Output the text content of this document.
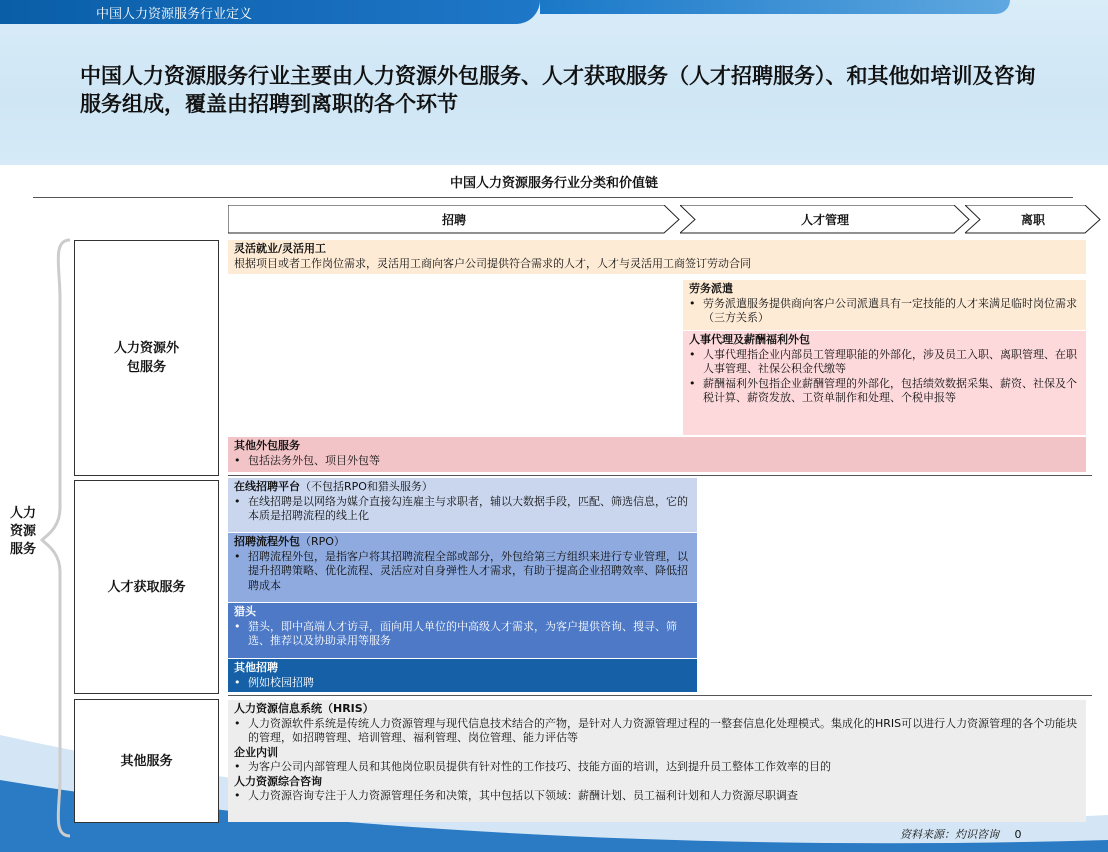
中国人力资源服务行业定义
中国人力资源服务行业主要由人力资源外包服务、人才获取服务（人才招聘服务）、和其他如培训及咨询服务组成，覆盖由招聘到离职的各个环节
中国人力资源服务行业分类和价值链
招聘	人才管理	离职
人力资源服务
人力资源外包服务
人才获取服务
其他服务
灵活就业/灵活用工
根据项目或者工作岗位需求，灵活用工商向客户公司提供符合需求的人才，人才与灵活用工商签订劳动合同
劳务派遣
• 劳务派遣服务提供商向客户公司派遣具有一定技能的人才来满足临时岗位需求（三方关系）
人事代理及薪酬福利外包
• 人事代理指企业内部员工管理职能的外部化，涉及员工入职、离职管理、在职人事管理、社保公积金代缴等
• 薪酬福利外包指企业薪酬管理的外部化，包括绩效数据采集、薪资、社保及个税计算、薪资发放、工资单制作和处理、个税申报等
其他外包服务
• 包括法务外包、项目外包等
在线招聘平台（不包括RPO和猎头服务）
• 在线招聘是以网络为媒介直接勾连雇主与求职者，辅以大数据手段，匹配、筛选信息，它的本质是招聘流程的线上化
招聘流程外包（RPO）
• 招聘流程外包，是指客户将其招聘流程全部或部分，外包给第三方组织来进行专业管理，以提升招聘策略、优化流程、灵活应对自身弹性人才需求，有助于提高企业招聘效率、降低招聘成本
猎头
• 猎头，即中高端人才访寻，面向用人单位的中高级人才需求，为客户提供咨询、搜寻、筛选、推荐以及协助录用等服务
其他招聘
• 例如校园招聘
人力资源信息系统（HRIS）
• 人力资源软件系统是传统人力资源管理与现代信息技术结合的产物，是针对人力资源管理过程的一整套信息化处理模式。集成化的HRIS可以进行人力资源管理的各个功能块的管理，如招聘管理、培训管理、福利管理、岗位管理、能力评估等
企业内训
• 为客户公司内部管理人员和其他岗位职员提供有针对性的工作技巧、技能方面的培训，达到提升员工整体工作效率的目的
人力资源综合咨询
• 人力资源咨询专注于人力资源管理任务和决策，其中包括以下领域：薪酬计划、员工福利计划和人力资源尽职调查
资料来源：灼识咨询 0
